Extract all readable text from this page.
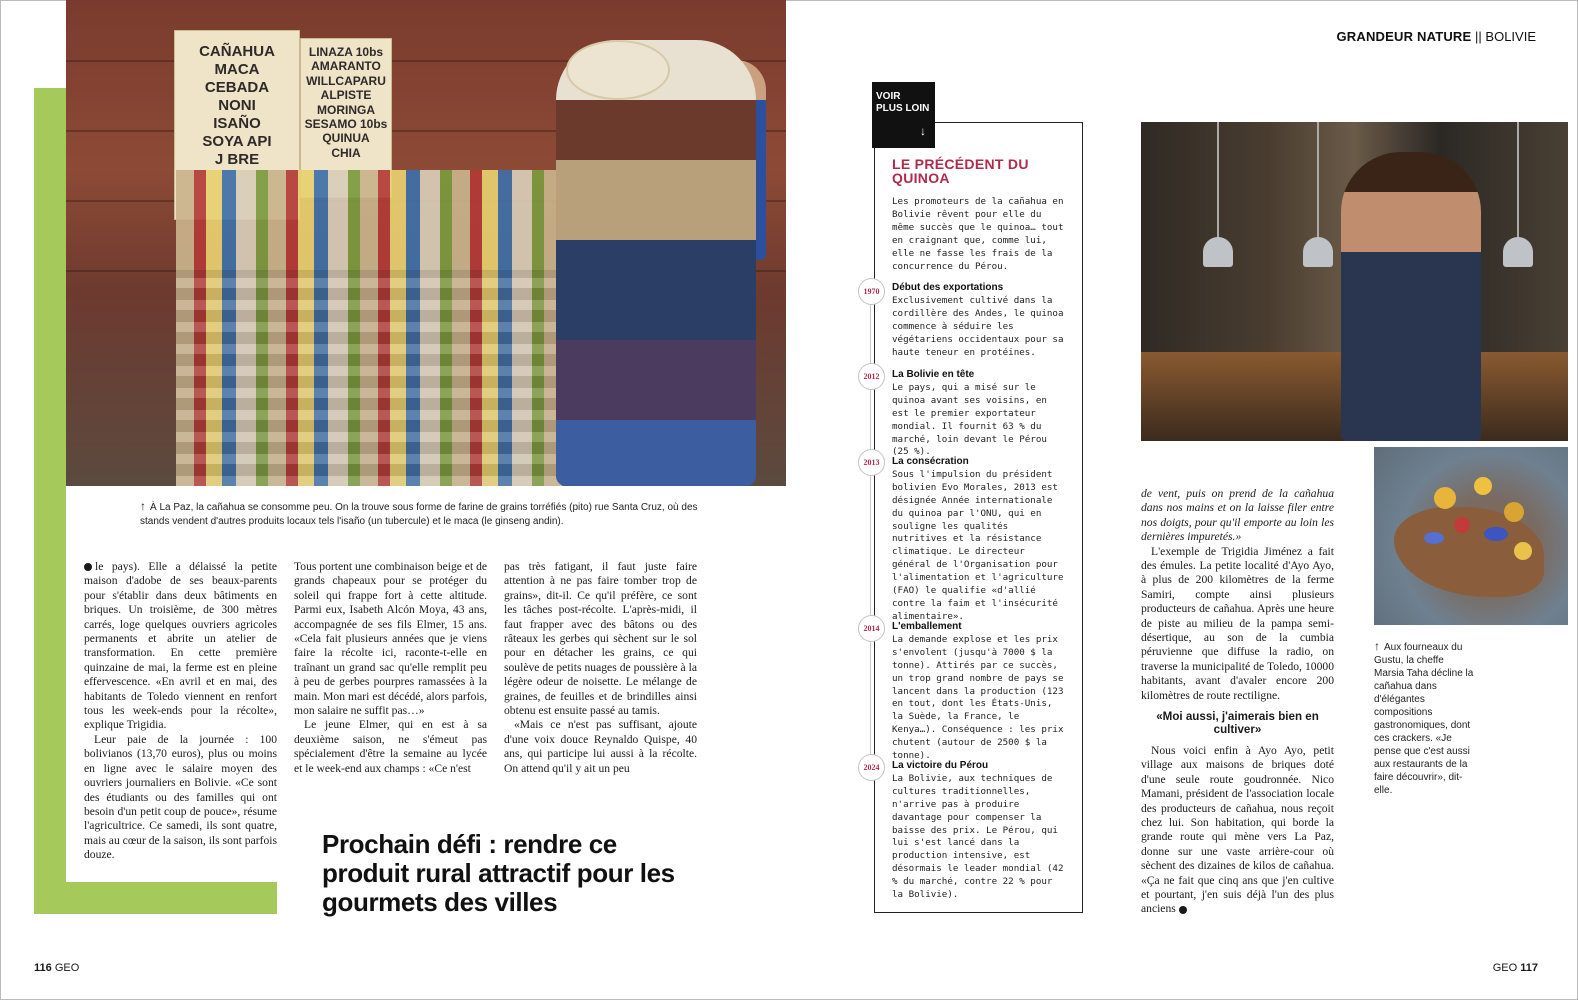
GRANDEUR NATURE || BOLIVIE
CAÑAHUA
MACA
CEBADA
NONI
ISAÑO
SOYA API
J BRE
LINAZA 10bs
AMARANTO
WILLCAPARU
ALPISTE
MORINGA
SESAMO 10bs
QUINUA
CHIA
↑ À La Paz, la cañahua se consomme peu. On la trouve sous forme de farine de grains torréfiés (pito) rue Santa Cruz, où des stands vendent d'autres produits locaux tels l'isaño (un tubercule) et le maca (le ginseng andin).

le pays). Elle a délaissé la petite maison d'adobe de ses beaux-parents pour s'établir dans deux bâtiments en briques. Un troisième, de 300 mètres carrés, loge quelques ouvriers agricoles permanents et abrite un atelier de transformation. En cette première quinzaine de mai, la ferme est en pleine effervescence. «En avril et en mai, des habitants de Toledo viennent en renfort tous les week-ends pour la récolte», explique Trigidia.

Leur paie de la journée : 100 bolivianos (13,70 euros), plus ou moins en ligne avec le salaire moyen des ouvriers journaliers en Bolivie. «Ce sont des étudiants ou des familles qui ont besoin d'un petit coup de pouce», résume l'agricultrice. Ce samedi, ils sont quatre, mais au cœur de la saison, ils sont parfois douze.

Tous portent une combinaison beige et de grands chapeaux pour se protéger du soleil qui frappe fort à cette altitude. Parmi eux, Isabeth Alcón Moya, 43 ans, accompagnée de ses fils Elmer, 15 ans. «Cela fait plusieurs années que je viens faire la récolte ici, raconte-t-elle en traînant un grand sac qu'elle remplit peu à peu de gerbes pourpres ramassées à la main. Mon mari est décédé, alors parfois, mon salaire ne suffit pas…»

Le jeune Elmer, qui en est à sa deuxième saison, ne s'émeut pas spécialement d'être la semaine au lycée et le week-end aux champs : «Ce n'est

pas très fatigant, il faut juste faire attention à ne pas faire tomber trop de grains», dit-il. Ce qu'il préfère, ce sont les tâches post-récolte. L'après-midi, il faut frapper avec des bâtons ou des râteaux les gerbes qui sèchent sur le sol pour en détacher les grains, ce qui soulève de petits nuages de poussière à la légère odeur de noisette. Le mélange de graines, de feuilles et de brindilles ainsi obtenu est ensuite passé au tamis.

«Mais ce n'est pas suffisant, ajoute d'une voix douce Reynaldo Quispe, 40 ans, qui participe lui aussi à la récolte. On attend qu'il y ait un peu

Prochain défi : rendre ce produit rural attractif pour les gourmets des villes
116 GEO	GEO 117
VOIR
PLUS LOIN
↓
LE PRÉCÉDENT DU QUINOA
Les promoteurs de la cañahua en Bolivie rêvent pour elle du même succès que le quinoa… tout en craignant que, comme lui, elle ne fasse les frais de la concurrence du Pérou.
1970	Début des exportations
Exclusivement cultivé dans la cordillère des Andes, le quinoa commence à séduire les végétariens occidentaux pour sa haute teneur en protéines.
2012	La Bolivie en tête
Le pays, qui a misé sur le quinoa avant ses voisins, en est le premier exportateur mondial. Il fournit 63 % du marché, loin devant le Pérou (25 %).
2013	La consécration
Sous l'impulsion du président bolivien Evo Morales, 2013 est désignée Année internationale du quinoa par l'ONU, qui en souligne les qualités nutritives et la résistance climatique. Le directeur général de l'Organisation pour l'alimentation et l'agriculture (FAO) le qualifie «d'allié contre la faim et l'insécurité alimentaire».
2014	L'emballement
La demande explose et les prix s'envolent (jusqu'à 7000 $ la tonne). Attirés par ce succès, un trop grand nombre de pays se lancent dans la production (123 en tout, dont les États-Unis, la Suède, la France, le Kenya…). Conséquence : les prix chutent (autour de 2500 $ la tonne).
2024	La victoire du Pérou
La Bolivie, aux techniques de cultures traditionnelles, n'arrive pas à produire davantage pour compenser la baisse des prix. Le Pérou, qui lui s'est lancé dans la production intensive, est désormais le leader mondial (42 % du marché, contre 22 % pour la Bolivie).
↑ Aux fourneaux du Gustu, la cheffe Marsia Taha décline la cañahua dans d'élégantes compositions gastronomiques, dont ces crackers. «Je pense que c'est aussi aux restaurants de la faire découvrir», dit-elle.

de vent, puis on prend de la cañahua dans nos mains et on la laisse filer entre nos doigts, pour qu'il emporte au loin les dernières impuretés.»

L'exemple de Trigidia Jiménez a fait des émules. La petite localité d'Ayo Ayo, à plus de 200 kilomètres de la ferme Samiri, compte ainsi plusieurs producteurs de cañahua. Après une heure de piste au milieu de la pampa semi-désertique, au son de la cumbia péruvienne que diffuse la radio, on traverse la municipalité de Toledo, 10000 habitants, avant d'avaler encore 200 kilomètres de route rectiligne.

«Moi aussi, j'aimerais bien en cultiver»

Nous voici enfin à Ayo Ayo, petit village aux maisons de briques doté d'une seule route goudronnée. Nico Mamani, président de l'association locale des producteurs de cañahua, nous reçoit chez lui. Son habitation, qui borde la grande route qui mène vers La Paz, donne sur une vaste arrière-cour où sèchent des dizaines de kilos de cañahua. «Ça ne fait que cinq ans que j'en cultive et pourtant, j'en suis déjà l'un des plus anciens
